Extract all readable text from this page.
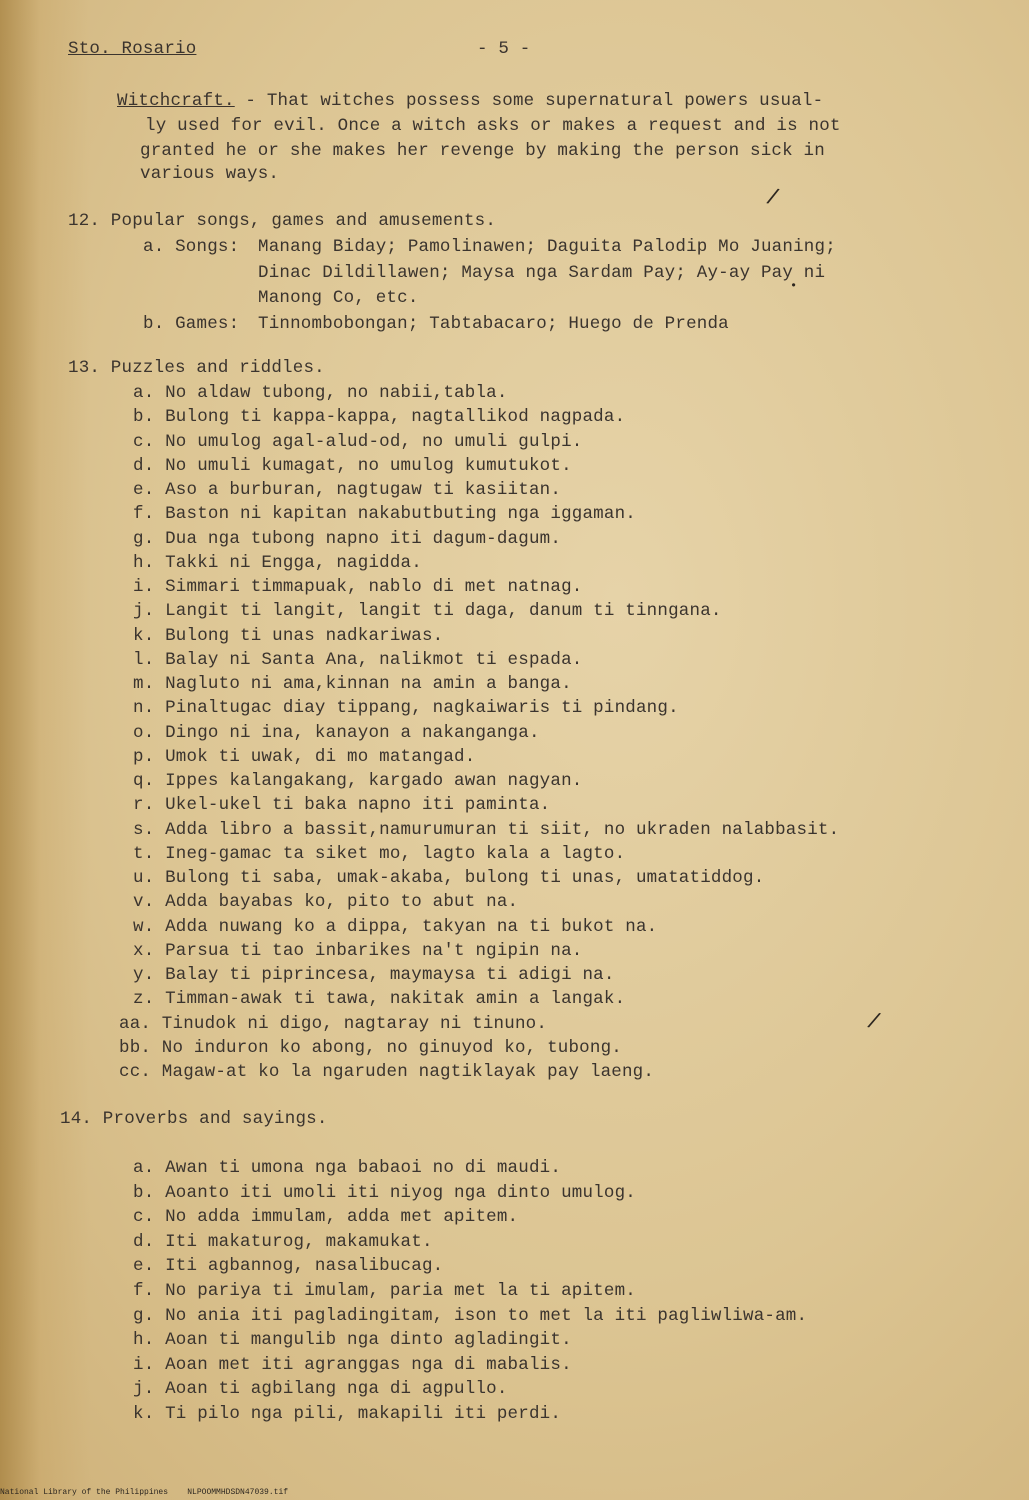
Sto. Rosario	- 5 -
Witchcraft. - That witches possess some supernatural powers usual-
ly used for evil. Once a witch asks or makes a request and is not
granted he or she makes her revenge by making the person sick in
various ways.
/
12. Popular songs, games and amusements.
a. Songs: Manang Biday; Pamolinawen; Daguita Palodip Mo Juaning;
Dinac Dildillawen; Maysa nga Sardam Pay; Ay-ay Pay ni
Manong Co, etc.
•
b. Games: Tinnombobongan; Tabtabacaro; Huego de Prenda
13. Puzzles and riddles.
a. No aldaw tubong, no nabii,tabla.
b. Bulong ti kappa-kappa, nagtallikod nagpada.
c. No umulog agal-alud-od, no umuli gulpi.
d. No umuli kumagat, no umulog kumutukot.
e. Aso a burburan, nagtugaw ti kasiitan.
f. Baston ni kapitan nakabutbuting nga iggaman.
g. Dua nga tubong napno iti dagum-dagum.
h. Takki ni Engga, nagidda.
i. Simmari timmapuak, nablo di met natnag.
j. Langit ti langit, langit ti daga, danum ti tinngana.
k. Bulong ti unas nadkariwas.
l. Balay ni Santa Ana, nalikmot ti espada.
m. Nagluto ni ama,kinnan na amin a banga.
n. Pinaltugac diay tippang, nagkaiwaris ti pindang.
o. Dingo ni ina, kanayon a nakanganga.
p. Umok ti uwak, di mo matangad.
q. Ippes kalangakang, kargado awan nagyan.
r. Ukel-ukel ti baka napno iti paminta.
s. Adda libro a bassit,namurumuran ti siit, no ukraden nalabbasit.
t. Ineg-gamac ta siket mo, lagto kala a lagto.
u. Bulong ti saba, umak-akaba, bulong ti unas, umatatiddog.
v. Adda bayabas ko, pito to abut na.
w. Adda nuwang ko a dippa, takyan na ti bukot na.
x. Parsua ti tao inbarikes na't ngipin na.
y. Balay ti piprincesa, maymaysa ti adigi na.
z. Timman-awak ti tawa, nakitak amin a langak.
aa. Tinudok ni digo, nagtaray ni tinuno.
bb. No induron ko abong, no ginuyod ko, tubong.
cc. Magaw-at ko la ngaruden nagtiklayak pay laeng.
/
14. Proverbs and sayings.
a. Awan ti umona nga babaoi no di maudi.
b. Aoanto iti umoli iti niyog nga dinto umulog.
c. No adda immulam, adda met apitem.
d. Iti makaturog, makamukat.
e. Iti agbannog, nasalibucag.
f. No pariya ti imulam, paria met la ti apitem.
g. No ania iti pagladingitam, ison to met la iti pagliwliwa-am.
h. Aoan ti mangulib nga dinto agladingit.
i. Aoan met iti agranggas nga di mabalis.
j. Aoan ti agbilang nga di agpullo.
k. Ti pilo nga pili, makapili iti perdi.
National Library of the Philippines NLPOOMMHDSDN47039.tif
